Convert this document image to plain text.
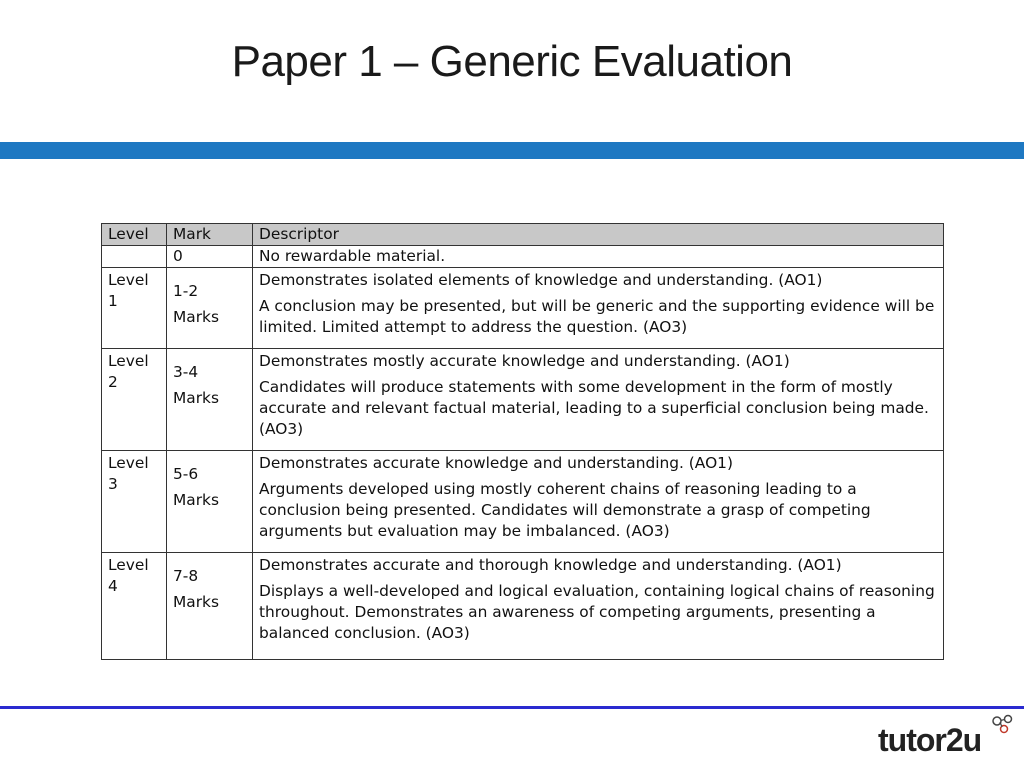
Paper 1 – Generic Evaluation
Level	Mark	Descriptor
	0	No rewardable material.
Level 1	1-2 Marks	Demonstrates isolated elements of knowledge and understanding. (AO1)
A conclusion may be presented, but will be generic and the supporting evidence will be limited. Limited attempt to address the question. (AO3)

Level 2	3-4 Marks	Demonstrates mostly accurate knowledge and understanding. (AO1)
Candidates will produce statements with some development in the form of mostly accurate and relevant factual material, leading to a superficial conclusion being made. (AO3)

Level 3	5-6 Marks	Demonstrates accurate knowledge and understanding. (AO1)
Arguments developed using mostly coherent chains of reasoning leading to a conclusion being presented. Candidates will demonstrate a grasp of competing arguments but evaluation may be imbalanced. (AO3)

Level 4	7-8 Marks	Demonstrates accurate and thorough knowledge and understanding. (AO1)
Displays a well-developed and logical evaluation, containing logical chains of reasoning throughout. Demonstrates an awareness of competing arguments, presenting a balanced conclusion. (AO3)
tutor2u
